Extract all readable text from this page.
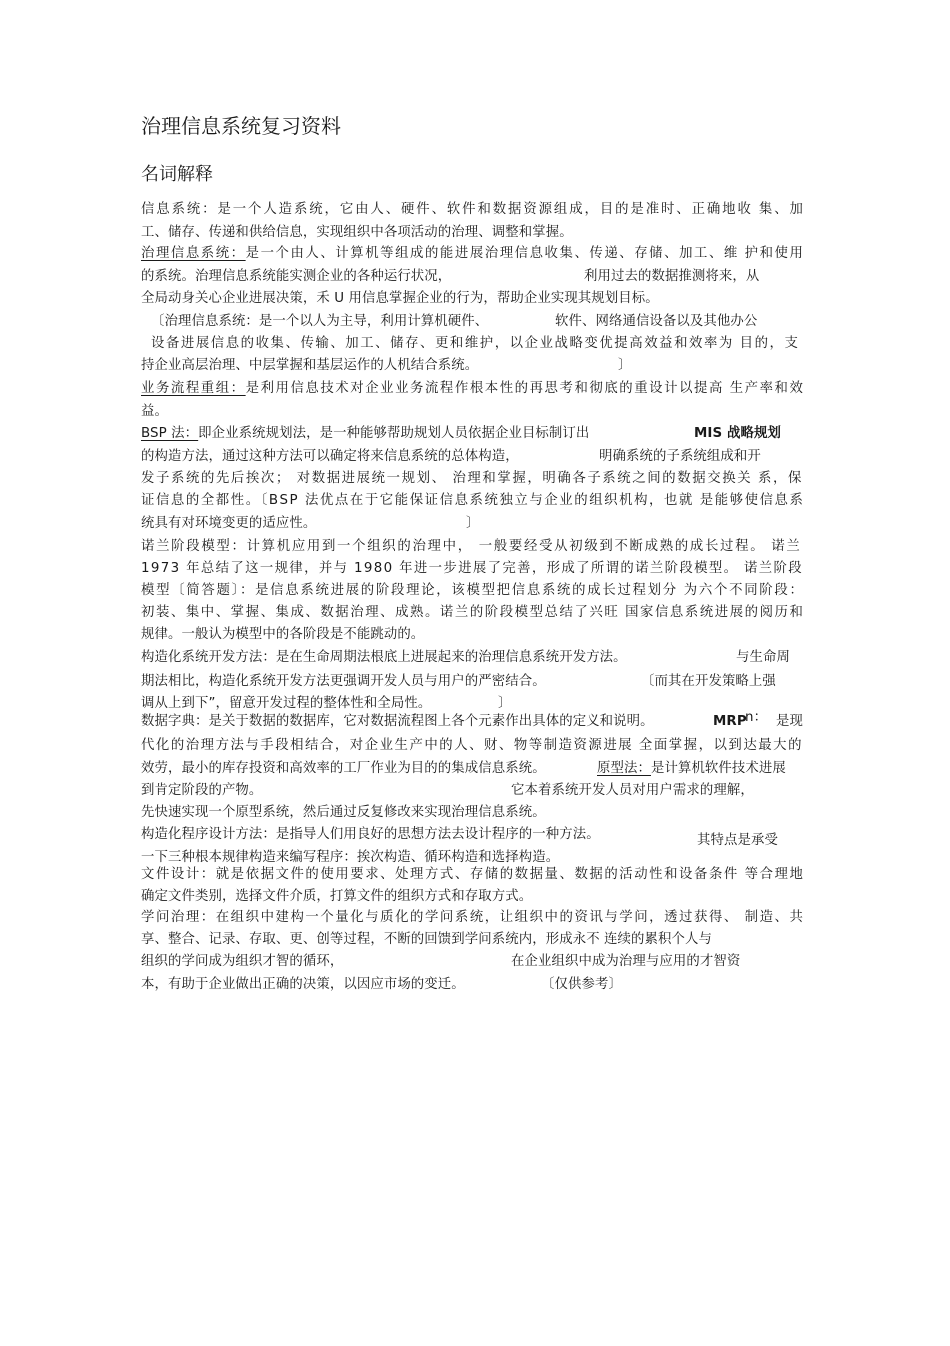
治理信息系统复习资料
名词解释
信息系统：是一个人造系统，它由人、硬件、软件和数据资源组成，目的是准时、正确地收 集、加
工、储存、传递和供给信息，实现组织中各项活动的治理、调整和掌握。
治理信息系统：是一个由人、计算机等组成的能进展治理信息收集、传递、存储、加工、维 护和使用
的系统。治理信息系统能实测企业的各种运行状况，	利用过去的数据推测将来，从
全局动身关心企业进展决策，禾 U 用信息掌握企业的行为，帮助企业实现其规划目标。
〔治理信息系统：是一个以人为主导，利用计算机硬件、	软件、网络通信设备以及其他办公
设备进展信息的收集、传输、加工、储存、更和维护，以企业战略变优提高效益和效率为 目的，支
持企业高层治理、中层掌握和基层运作的人机结合系统。	〕
业务流程重组：是利用信息技术对企业业务流程作根本性的再思考和彻底的重设计以提高 生产率和效
益。
BSP 法：即企业系统规划法，是一种能够帮助规划人员依据企业目标制订出	MIS 战略规划
的构造方法，通过这种方法可以确定将来信息系统的总体构造，	明确系统的子系统组成和开
发子系统的先后挨次； 对数据进展统一规划、 治理和掌握，明确各子系统之间的数据交换关 系，保
证信息的全都性。〔BSP 法优点在于它能保证信息系统独立与企业的组织机构，也就 是能够使信息系
统具有对环境变更的适应性。	〕
诺兰阶段模型：计算机应用到一个组织的治理中， 一般要经受从初级到不断成熟的成长过程。 诺兰
1973 年总结了这一规律，并与 1980 年进一步进展了完善，形成了所谓的诺兰阶段模型。 诺兰阶段
模型〔简答题〕：是信息系统进展的阶段理论，该模型把信息系统的成长过程划分 为六个不同阶段：
初装、集中、掌握、集成、数据治理、成熟。诺兰的阶段模型总结了兴旺 国家信息系统进展的阅历和
规律。一般认为模型中的各阶段是不能跳动的。
构造化系统开发方法：是在生命周期法根底上进展起来的治理信息系统开发方法。	与生命周
期法相比，构造化系统开发方法更强调开发人员与用户的严密结合。	〔而其在开发策略上强
调从上到下”，留意开发过程的整体性和全局性。	〕
数据字典：是关于数据的数据库，它对数据流程图上各个元素作出具体的定义和说明。	MRP
n： 是现
代化的治理方法与手段相结合，对企业生产中的人、财、物等制造资源进展 全面掌握，以到达最大的
效劳，最小的库存投资和高效率的工厂作业为目的的集成信息系统。	原型法：是计算机软件技术进展
到肯定阶段的产物。	它本着系统开发人员对用户需求的理解，
先快速实现一个原型系统，然后通过反复修改来实现治理信息系统。
构造化程序设计方法：是指导人们用良好的思想方法去设计程序的一种方法。	其特点是承受
一下三种根本规律构造来编写程序：挨次构造、循环构造和选择构造。
文件设计：就是依据文件的使用要求、处理方式、存储的数据量、数据的活动性和设备条件 等合理地
确定文件类别，选择文件介质，打算文件的组织方式和存取方式。
学问治理：在组织中建构一个量化与质化的学问系统，让组织中的资讯与学问，透过获得、 制造、共
享、整合、记录、存取、更、创等过程，不断的回馈到学问系统内，形成永不 连续的累积个人与
组织的学问成为组织才智的循环，	在企业组织中成为治理与应用的才智资
本，有助于企业做出正确的决策，以因应市场的变迁。	〔仅供参考〕
